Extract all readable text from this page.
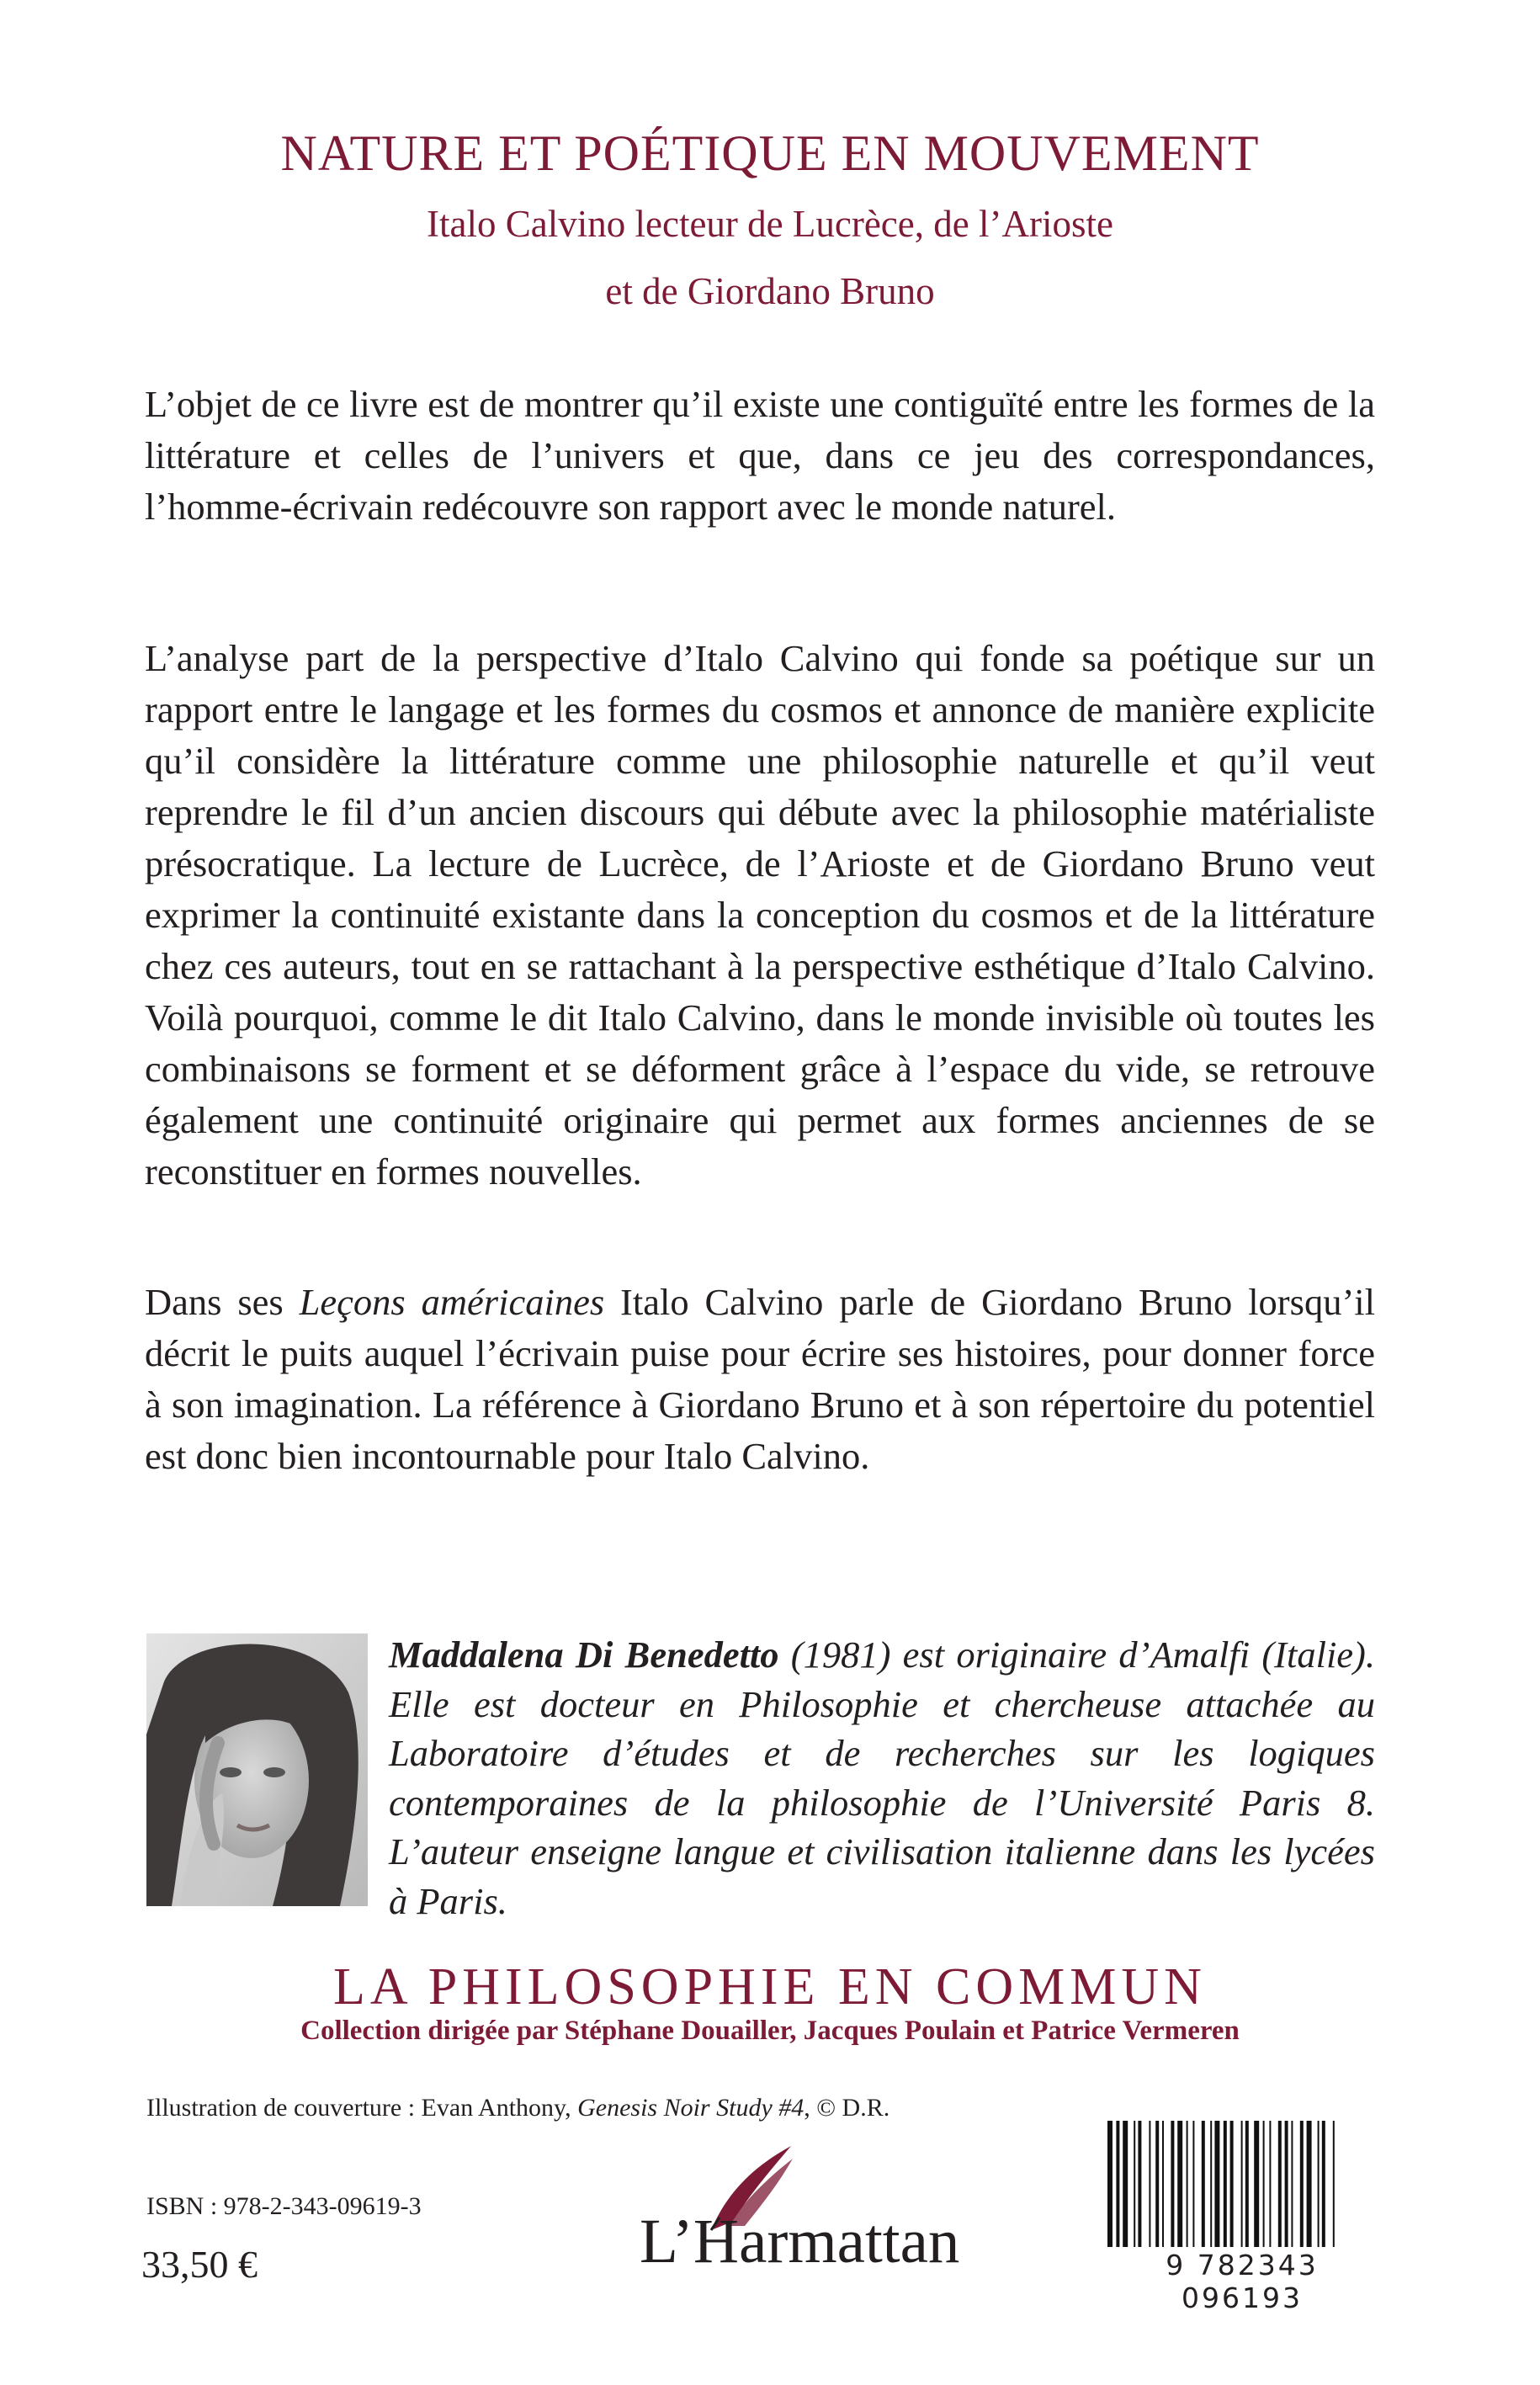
NATURE ET POÉTIQUE EN MOUVEMENT
Italo Calvino lecteur de Lucrèce, de l’Arioste
et de Giordano Bruno

L’objet de ce livre est de montrer qu’il existe une contiguïté entre les formes de la littérature et celles de l’univers et que, dans ce jeu des correspondances, l’homme-écrivain redécouvre son rapport avec le monde naturel.

L’analyse part de la perspective d’Italo Calvino qui fonde sa poétique sur un rapport entre le langage et les formes du cosmos et annonce de manière explicite qu’il considère la littérature comme une philosophie naturelle et qu’il veut reprendre le fil d’un ancien discours qui débute avec la philosophie matérialiste présocratique. La lecture de Lucrèce, de l’Arioste et de Giordano Bruno veut exprimer la continuité existante dans la conception du cosmos et de la littérature chez ces auteurs, tout en se rattachant à la perspective esthétique d’Italo Calvino. Voilà pourquoi, comme le dit Italo Calvino, dans le monde invisible où toutes les combinaisons se forment et se déforment grâce à l’espace du vide, se retrouve également une continuité originaire qui permet aux formes anciennes de se reconstituer en formes nouvelles.

Dans ses Leçons américaines Italo Calvino parle de Giordano Bruno lorsqu’il décrit le puits auquel l’écrivain puise pour écrire ses histoires, pour donner force à son imagination. La référence à Giordano Bruno et à son répertoire du potentiel est donc bien incontournable pour Italo Calvino.

Maddalena Di Benedetto (1981) est originaire d’Amalfi (Italie). Elle est docteur en Philosophie et chercheuse attachée au Laboratoire d’études et de recherches sur les logiques contemporaines de la philosophie de l’Université Paris 8. L’auteur enseigne langue et civilisation italienne dans les lycées à Paris.

LA PHILOSOPHIE EN COMMUN
Collection dirigée par Stéphane Douailler, Jacques Poulain et Patrice Vermeren
Illustration de couverture : Evan Anthony, Genesis Noir Study #4, © D.R.
ISBN : 978-2-343-09619-3
33,50 €	L’Harmattan	9 782343 096193
